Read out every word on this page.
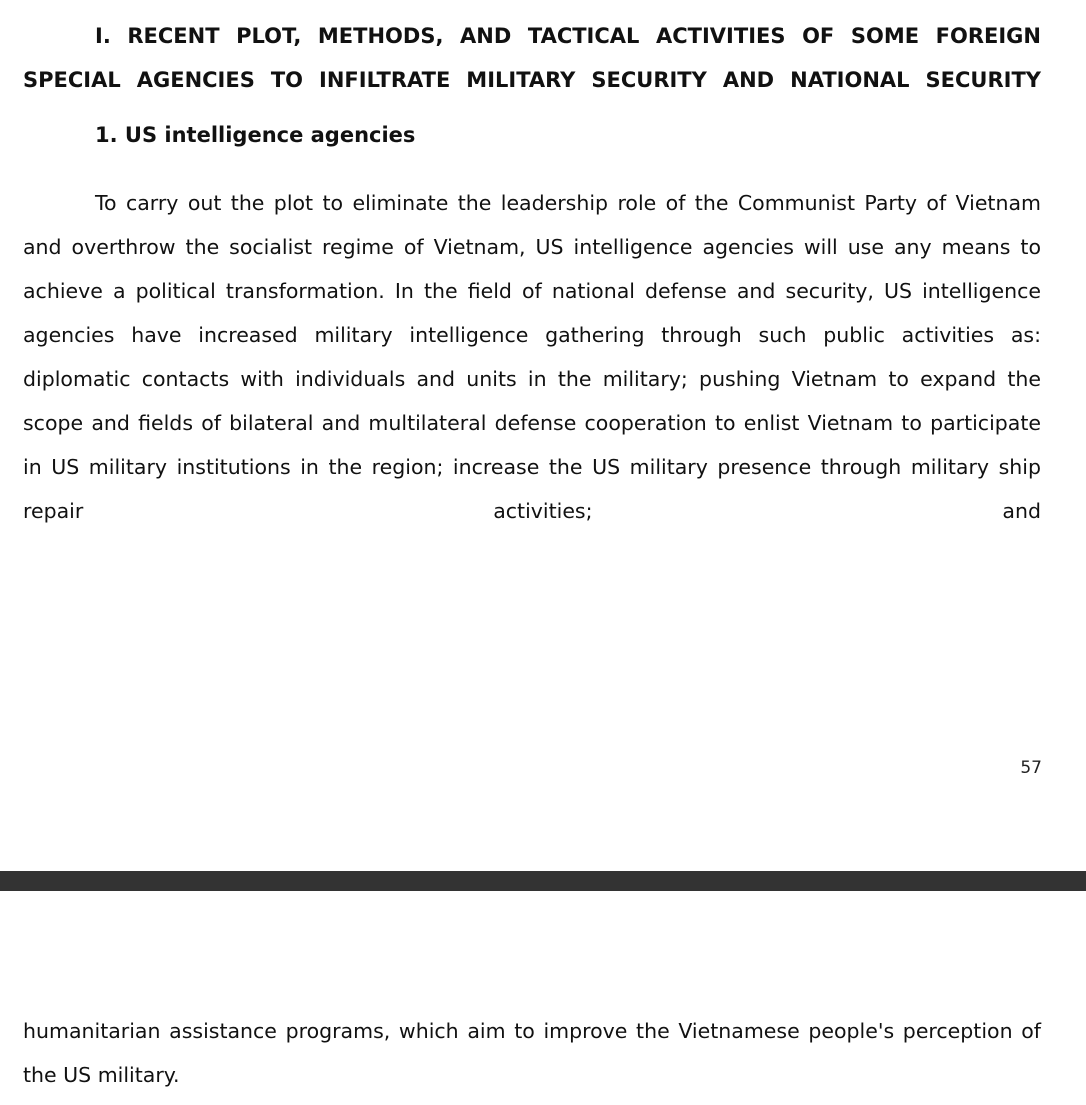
I. RECENT PLOT, METHODS, AND TACTICAL ACTIVITIES OF SOME FOREIGN
SPECIAL AGENCIES TO INFILTRATE MILITARY SECURITY AND NATIONAL SECURITY
1. US intelligence agencies

To carry out the plot to eliminate the leadership role of the Communist Party of Vietnam and overthrow the socialist regime of Vietnam, US intelligence agencies will use any means to achieve a political transformation. In the field of national defense and security, US intelligence agencies have increased military intelligence gathering through such public activities as: diplomatic contacts with individuals and units in the military; pushing Vietnam to expand the scope and fields of bilateral and multilateral defense cooperation to enlist Vietnam to participate in US military institutions in the region; increase the US military presence through military ship repair activities; and

57

humanitarian assistance programs, which aim to improve the Vietnamese people's perception of the US military.
